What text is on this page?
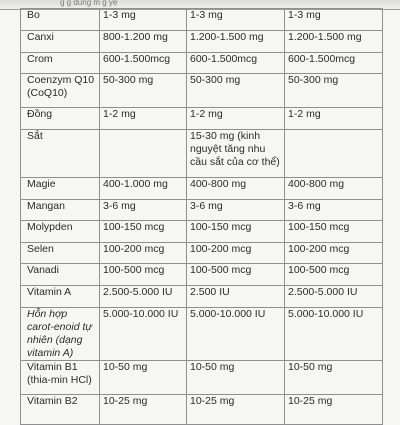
g g dùng m g yệ
Bo	1-3 mg	1-3 mg	1-3 mg
Canxi	800-1.200 mg	1.200-1.500 mg	1.200-1.500 mg
Crom	600-1.500mcg	600-1.500mcg	600-1.500mcg
Coenzym Q10 (CoQ10)	50-300 mg	50-300 mg	50-300 mg
Đồng	1-2 mg	1-2 mg	1-2 mg
Sắt		15-30 mg (kinh nguyệt tăng nhu cầu sắt của cơ thể)	
Magie	400-1.000 mg	400-800 mg	400-800 mg
Mangan	3-6 mg	3-6 mg	3-6 mg
Molypden	100-150 mcg	100-150 mcg	100-150 mcg
Selen	100-200 mcg	100-200 mcg	100-200 mcg
Vanadi	100-500 mcg	100-500 mcg	100-500 mcg
Vitamin A	2.500-5.000 IU	2.500 IU	2.500-5.000 IU
Hỗn hợp carot-enoid tự nhiên (dạng vitamin A)	5.000-10.000 IU	5.000-10.000 IU	5.000-10.000 IU
Vitamin B1 (thia-min HCl)	10-50 mg	10-50 mg	10-50 mg
Vitamin B2	10-25 mg	10-25 mg	10-25 mg
